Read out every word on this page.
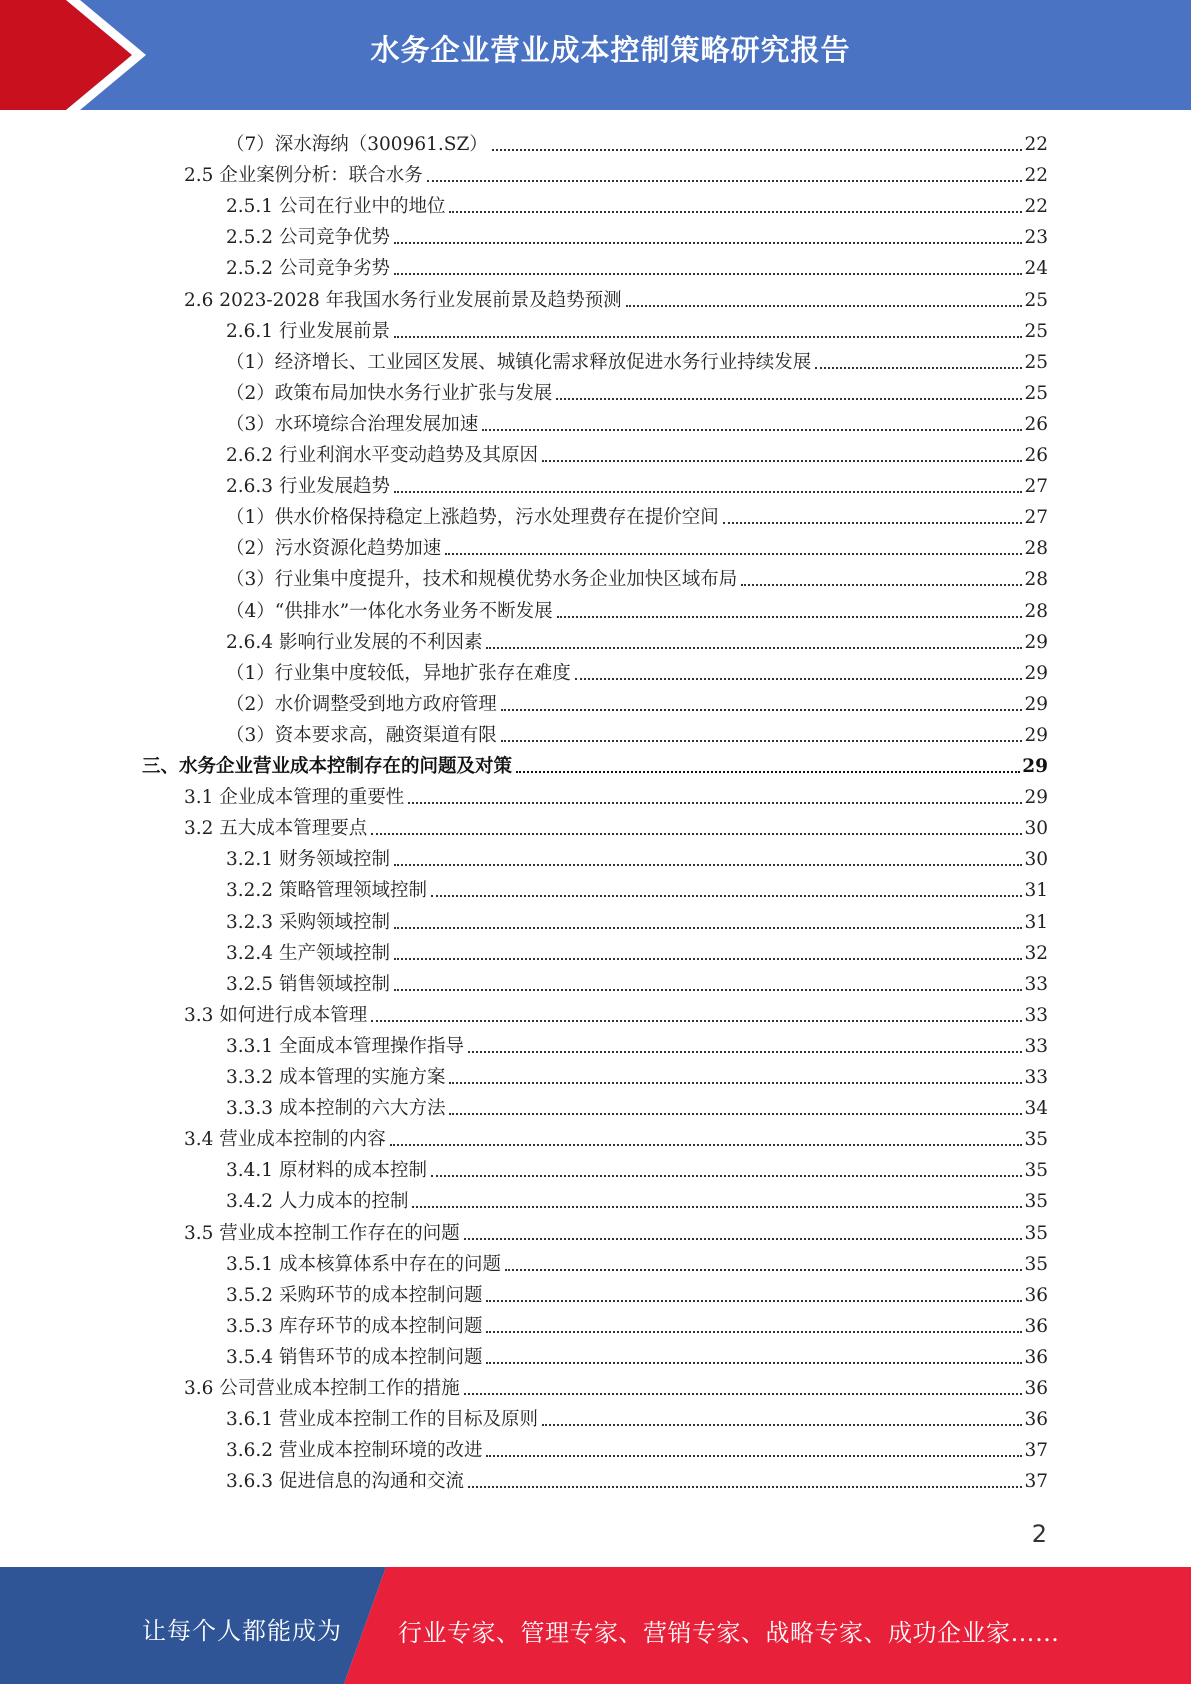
水务企业营业成本控制策略研究报告
（7）深水海纳（300961.SZ）	22
2.5 企业案例分析：联合水务	22
2.5.1 公司在行业中的地位	22
2.5.2 公司竞争优势	23
2.5.2 公司竞争劣势	24
2.6 2023-2028 年我国水务行业发展前景及趋势预测	25
2.6.1 行业发展前景	25
（1）经济增长、工业园区发展、城镇化需求释放促进水务行业持续发展	25
（2）政策布局加快水务行业扩张与发展	25
（3）水环境综合治理发展加速	26
2.6.2 行业利润水平变动趋势及其原因	26
2.6.3 行业发展趋势	27
（1）供水价格保持稳定上涨趋势，污水处理费存在提价空间	27
（2）污水资源化趋势加速	28
（3）行业集中度提升，技术和规模优势水务企业加快区域布局	28
（4）“供排水”一体化水务业务不断发展	28
2.6.4 影响行业发展的不利因素	29
（1）行业集中度较低，异地扩张存在难度	29
（2）水价调整受到地方政府管理	29
（3）资本要求高，融资渠道有限	29
三、水务企业营业成本控制存在的问题及对策	29
3.1 企业成本管理的重要性	29
3.2 五大成本管理要点	30
3.2.1 财务领域控制	30
3.2.2 策略管理领域控制	31
3.2.3 采购领域控制	31
3.2.4 生产领域控制	32
3.2.5 销售领域控制	33
3.3 如何进行成本管理	33
3.3.1 全面成本管理操作指导	33
3.3.2 成本管理的实施方案	33
3.3.3 成本控制的六大方法	34
3.4 营业成本控制的内容	35
3.4.1 原材料的成本控制	35
3.4.2 人力成本的控制	35
3.5 营业成本控制工作存在的问题	35
3.5.1 成本核算体系中存在的问题	35
3.5.2 采购环节的成本控制问题	36
3.5.3 库存环节的成本控制问题	36
3.5.4 销售环节的成本控制问题	36
3.6 公司营业成本控制工作的措施	36
3.6.1 营业成本控制工作的目标及原则	36
3.6.2 营业成本控制环境的改进	37
3.6.3 促进信息的沟通和交流	37
2
让每个人都能成为 行业专家、管理专家、营销专家、战略专家、成功企业家……
